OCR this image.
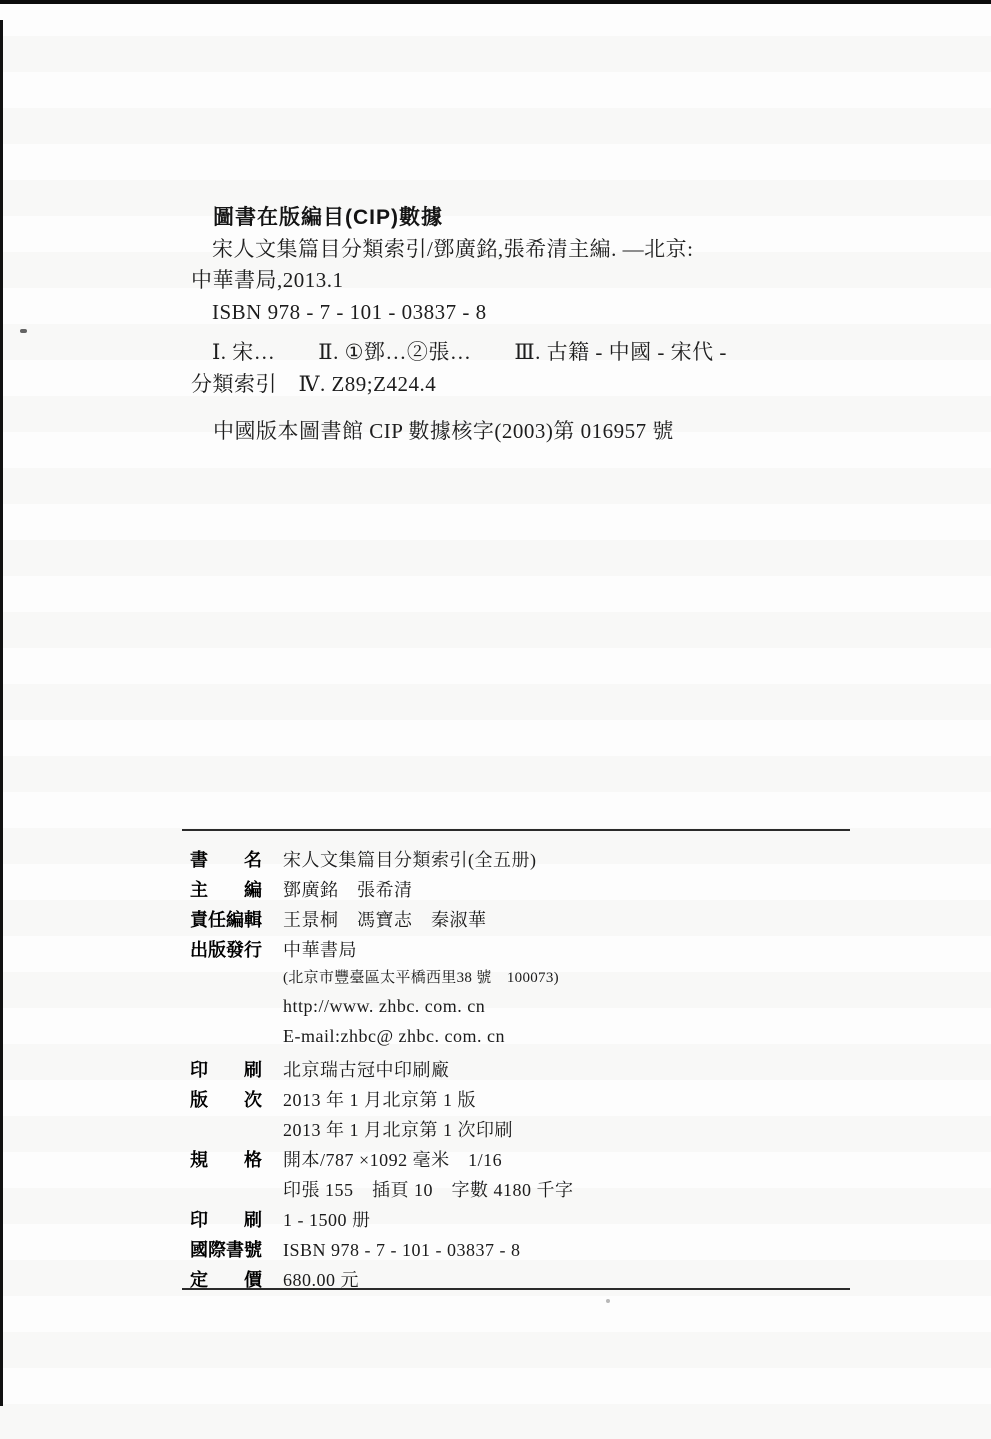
圖書在版編目(CIP)數據

宋人文集篇目分類索引/鄧廣銘,張希清主編. —北京:

中華書局,2013.1

ISBN 978 - 7 - 101 - 03837 - 8

Ⅰ. 宋…　　Ⅱ. ①鄧…②張…　　Ⅲ. 古籍 - 中國 - 宋代 -

分類索引　Ⅳ. Z89;Z424.4

中國版本圖書館 CIP 數據核字(2003)第 016957 號

書　　名 宋人文集篇目分類索引(全五册)
主　　編 鄧廣銘　張希清
責任編輯 王景桐　馮寶志　秦淑華
出版發行 中華書局
(北京市豐臺區太平橋西里38 號　100073)
http://www. zhbc. com. cn
E-mail:zhbc@ zhbc. com. cn
印　　刷 北京瑞古冠中印刷廠
版　　次 2013 年 1 月北京第 1 版
2013 年 1 月北京第 1 次印刷
規　　格 開本/787 ×1092 毫米　1/16
印張 155　插頁 10　字數 4180 千字
印　　刷 1 - 1500 册
國際書號 ISBN 978 - 7 - 101 - 03837 - 8
定　　價 680.00 元
